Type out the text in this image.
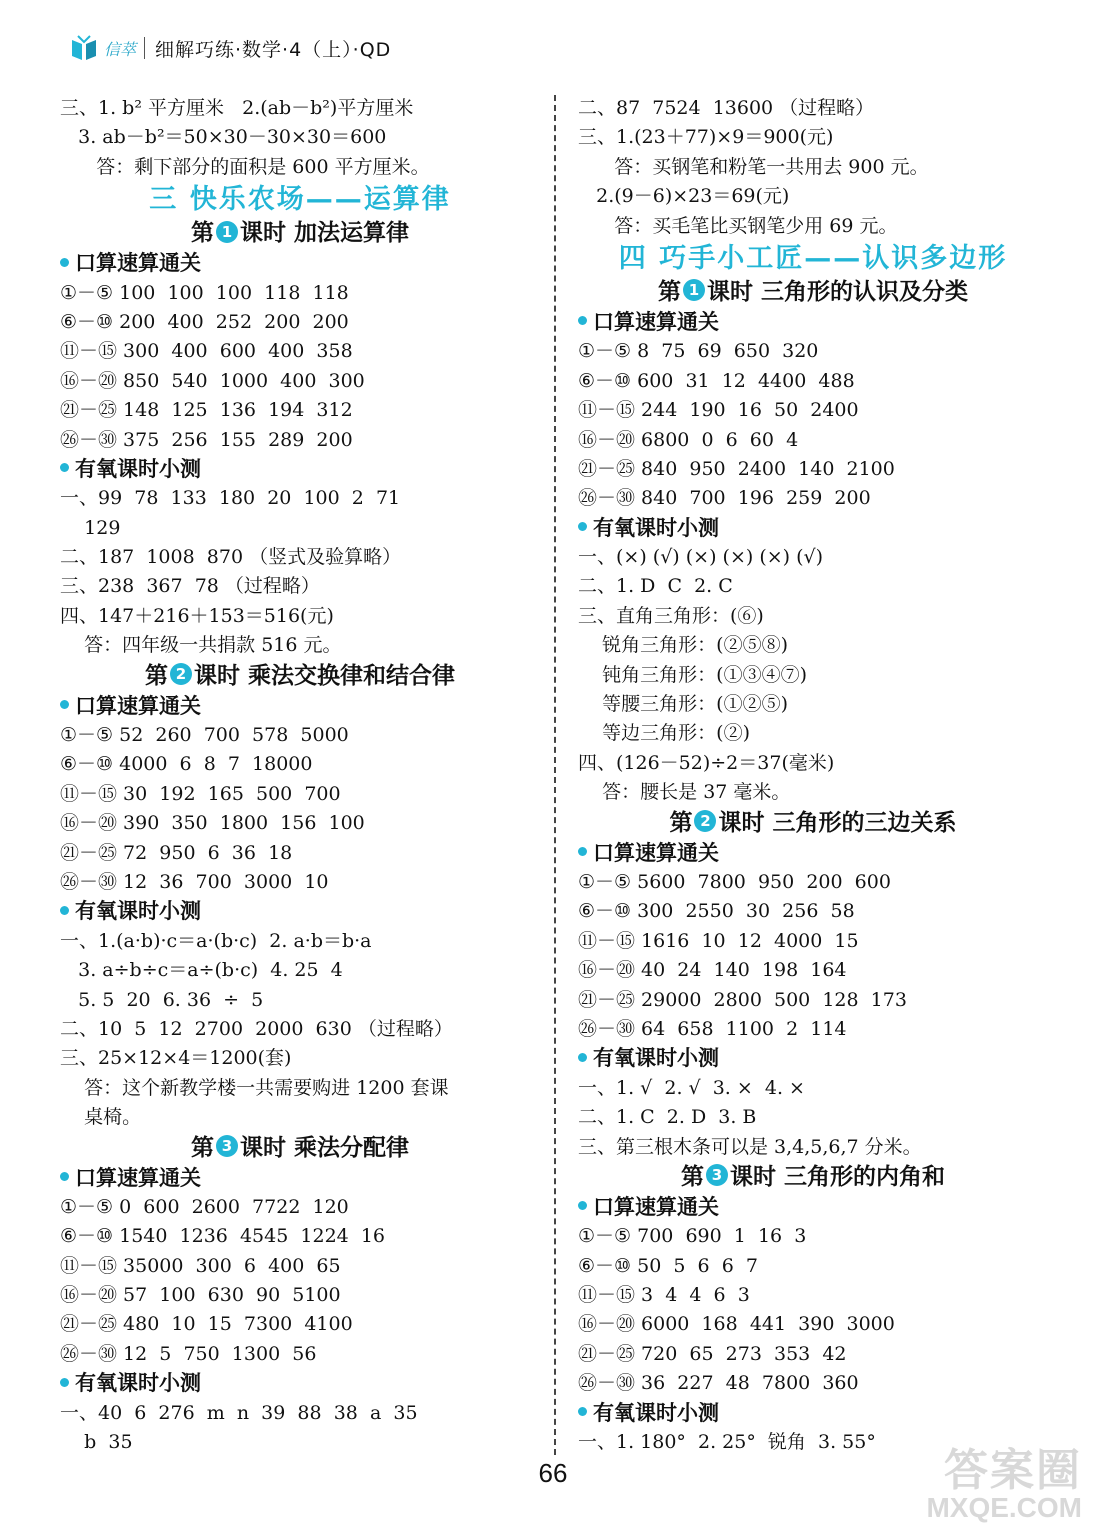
信萃 细解巧练·数学·4（上）·QD
三、1. b² 平方厘米   2.(ab－b²)平方厘米
3. ab－b²＝50×30－30×30＝600
答：剩下部分的面积是 600 平方厘米。
三 快乐农场——运算律
第 1 课时 加法运算律
口算速算通关
①－⑤ 100  100  100  118  118
⑥－⑩ 200  400  252  200  200
⑪－⑮ 300  400  600  400  358
⑯－⑳ 850  540  1000  400  300
㉑－㉕ 148  125  136  194  312
㉖－㉚ 375  256  155  289  200
有氧课时小测
一、99  78  133  180  20  100  2  71
129
二、187  1008  870 （竖式及验算略）
三、238  367  78 （过程略）
四、147＋216＋153＝516(元)
答：四年级一共捐款 516 元。
第 2 课时 乘法交换律和结合律
口算速算通关
①－⑤ 52  260  700  578  5000
⑥－⑩ 4000  6  8  7  18000
⑪－⑮ 30  192  165  500  700
⑯－⑳ 390  350  1800  156  100
㉑－㉕ 72  950  6  36  18
㉖－㉚ 12  36  700  3000  10
有氧课时小测
一、1.(a·b)·c＝a·(b·c)  2. a·b＝b·a
3. a÷b÷c＝a÷(b·c)  4. 25  4
5. 5  20  6. 36  ÷  5
二、10  5  12  2700  2000  630 （过程略）
三、25×12×4＝1200(套)
答：这个新教学楼一共需要购进 1200 套课
桌椅。
第 3 课时 乘法分配律
口算速算通关
①－⑤ 0  600  2600  7722  120
⑥－⑩ 1540  1236  4545  1224  16
⑪－⑮ 35000  300  6  400  65
⑯－⑳ 57  100  630  90  5100
㉑－㉕ 480  10  15  7300  4100
㉖－㉚ 12  5  750  1300  56
有氧课时小测
一、40  6  276  m  n  39  88  38  a  35
b  35
二、87  7524  13600 （过程略）
三、1.(23＋77)×9＝900(元)
答：买钢笔和粉笔一共用去 900 元。
2.(9－6)×23＝69(元)
答：买毛笔比买钢笔少用 69 元。
四 巧手小工匠——认识多边形
第 1 课时 三角形的认识及分类
口算速算通关
①－⑤ 8  75  69  650  320
⑥－⑩ 600  31  12  4400  488
⑪－⑮ 244  190  16  50  2400
⑯－⑳ 6800  0  6  60  4
㉑－㉕ 840  950  2400  140  2100
㉖－㉚ 840  700  196  259  200
有氧课时小测
一、(×) (√) (×) (×) (×) (√)
二、1. D  C  2. C
三、直角三角形：(⑥)
锐角三角形：(②⑤⑧)
钝角三角形：(①③④⑦)
等腰三角形：(①②⑤)
等边三角形：(②)
四、(126－52)÷2＝37(毫米)
答：腰长是 37 毫米。
第 2 课时 三角形的三边关系
口算速算通关
①－⑤ 5600  7800  950  200  600
⑥－⑩ 300  2550  30  256  58
⑪－⑮ 1616  10  12  4000  15
⑯－⑳ 40  24  140  198  164
㉑－㉕ 29000  2800  500  128  173
㉖－㉚ 64  658  1100  2  114
有氧课时小测
一、1. √  2. √  3. ×  4. ×
二、1. C  2. D  3. B
三、第三根木条可以是 3,4,5,6,7 分米。
第 3 课时 三角形的内角和
口算速算通关
①－⑤ 700  690  1  16  3
⑥－⑩ 50  5  6  6  7
⑪－⑮ 3  4  4  6  3
⑯－⑳ 6000  168  441  390  3000
㉑－㉕ 720  65  273  353  42
㉖－㉚ 36  227  48  7800  360
有氧课时小测
一、1. 180°  2. 25°  锐角  3. 55°
66	答案圈
MXQE.COM
